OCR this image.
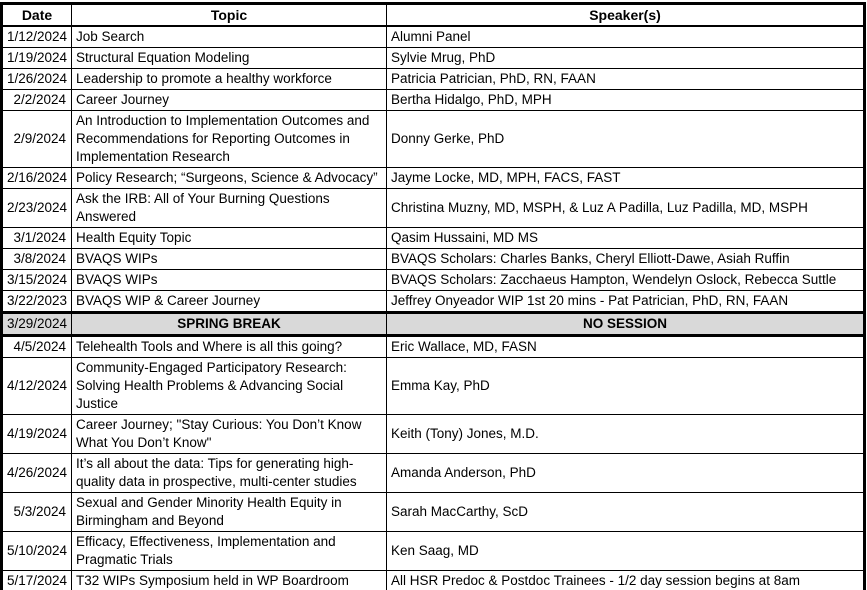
Date	Topic	Speaker(s)
1/12/2024	Job Search	Alumni Panel
1/19/2024	Structural Equation Modeling	Sylvie Mrug, PhD
1/26/2024	Leadership to promote a healthy workforce	Patricia Patrician, PhD, RN, FAAN
2/2/2024	Career Journey	Bertha Hidalgo, PhD, MPH
2/9/2024	An Introduction to Implementation Outcomes and Recommendations for Reporting Outcomes in Implementation Research	Donny Gerke, PhD
2/16/2024	Policy Research; “Surgeons, Science & Advocacy”	Jayme Locke, MD, MPH, FACS, FAST
2/23/2024	Ask the IRB: All of Your Burning Questions Answered	Christina Muzny, MD, MSPH, & Luz A Padilla, Luz Padilla, MD, MSPH
3/1/2024	Health Equity Topic	Qasim Hussaini, MD MS
3/8/2024	BVAQS WIPs	BVAQS Scholars: Charles Banks, Cheryl Elliott-Dawe, Asiah Ruffin
3/15/2024	BVAQS WIPs	BVAQS Scholars: Zacchaeus Hampton, Wendelyn Oslock, Rebecca Suttle
3/22/2023	BVAQS WIP & Career Journey	Jeffrey Onyeador WIP 1st 20 mins - Pat Patrician, PhD, RN, FAAN
3/29/2024	SPRING BREAK	NO SESSION
4/5/2024	Telehealth Tools and Where is all this going?	Eric Wallace, MD, FASN
4/12/2024	Community-Engaged Participatory Research: Solving Health Problems & Advancing Social Justice	Emma Kay, PhD
4/19/2024	Career Journey; "Stay Curious: You Don’t Know What You Don’t Know"	Keith (Tony) Jones, M.D.
4/26/2024	It’s all about the data: Tips for generating high-quality data in prospective, multi-center studies	Amanda Anderson, PhD
5/3/2024	Sexual and Gender Minority Health Equity in Birmingham and Beyond	Sarah MacCarthy, ScD
5/10/2024	Efficacy, Effectiveness, Implementation and Pragmatic Trials	Ken Saag, MD
5/17/2024	T32 WIPs Symposium held in WP Boardroom	All HSR Predoc & Postdoc Trainees - 1/2 day session begins at 8am
